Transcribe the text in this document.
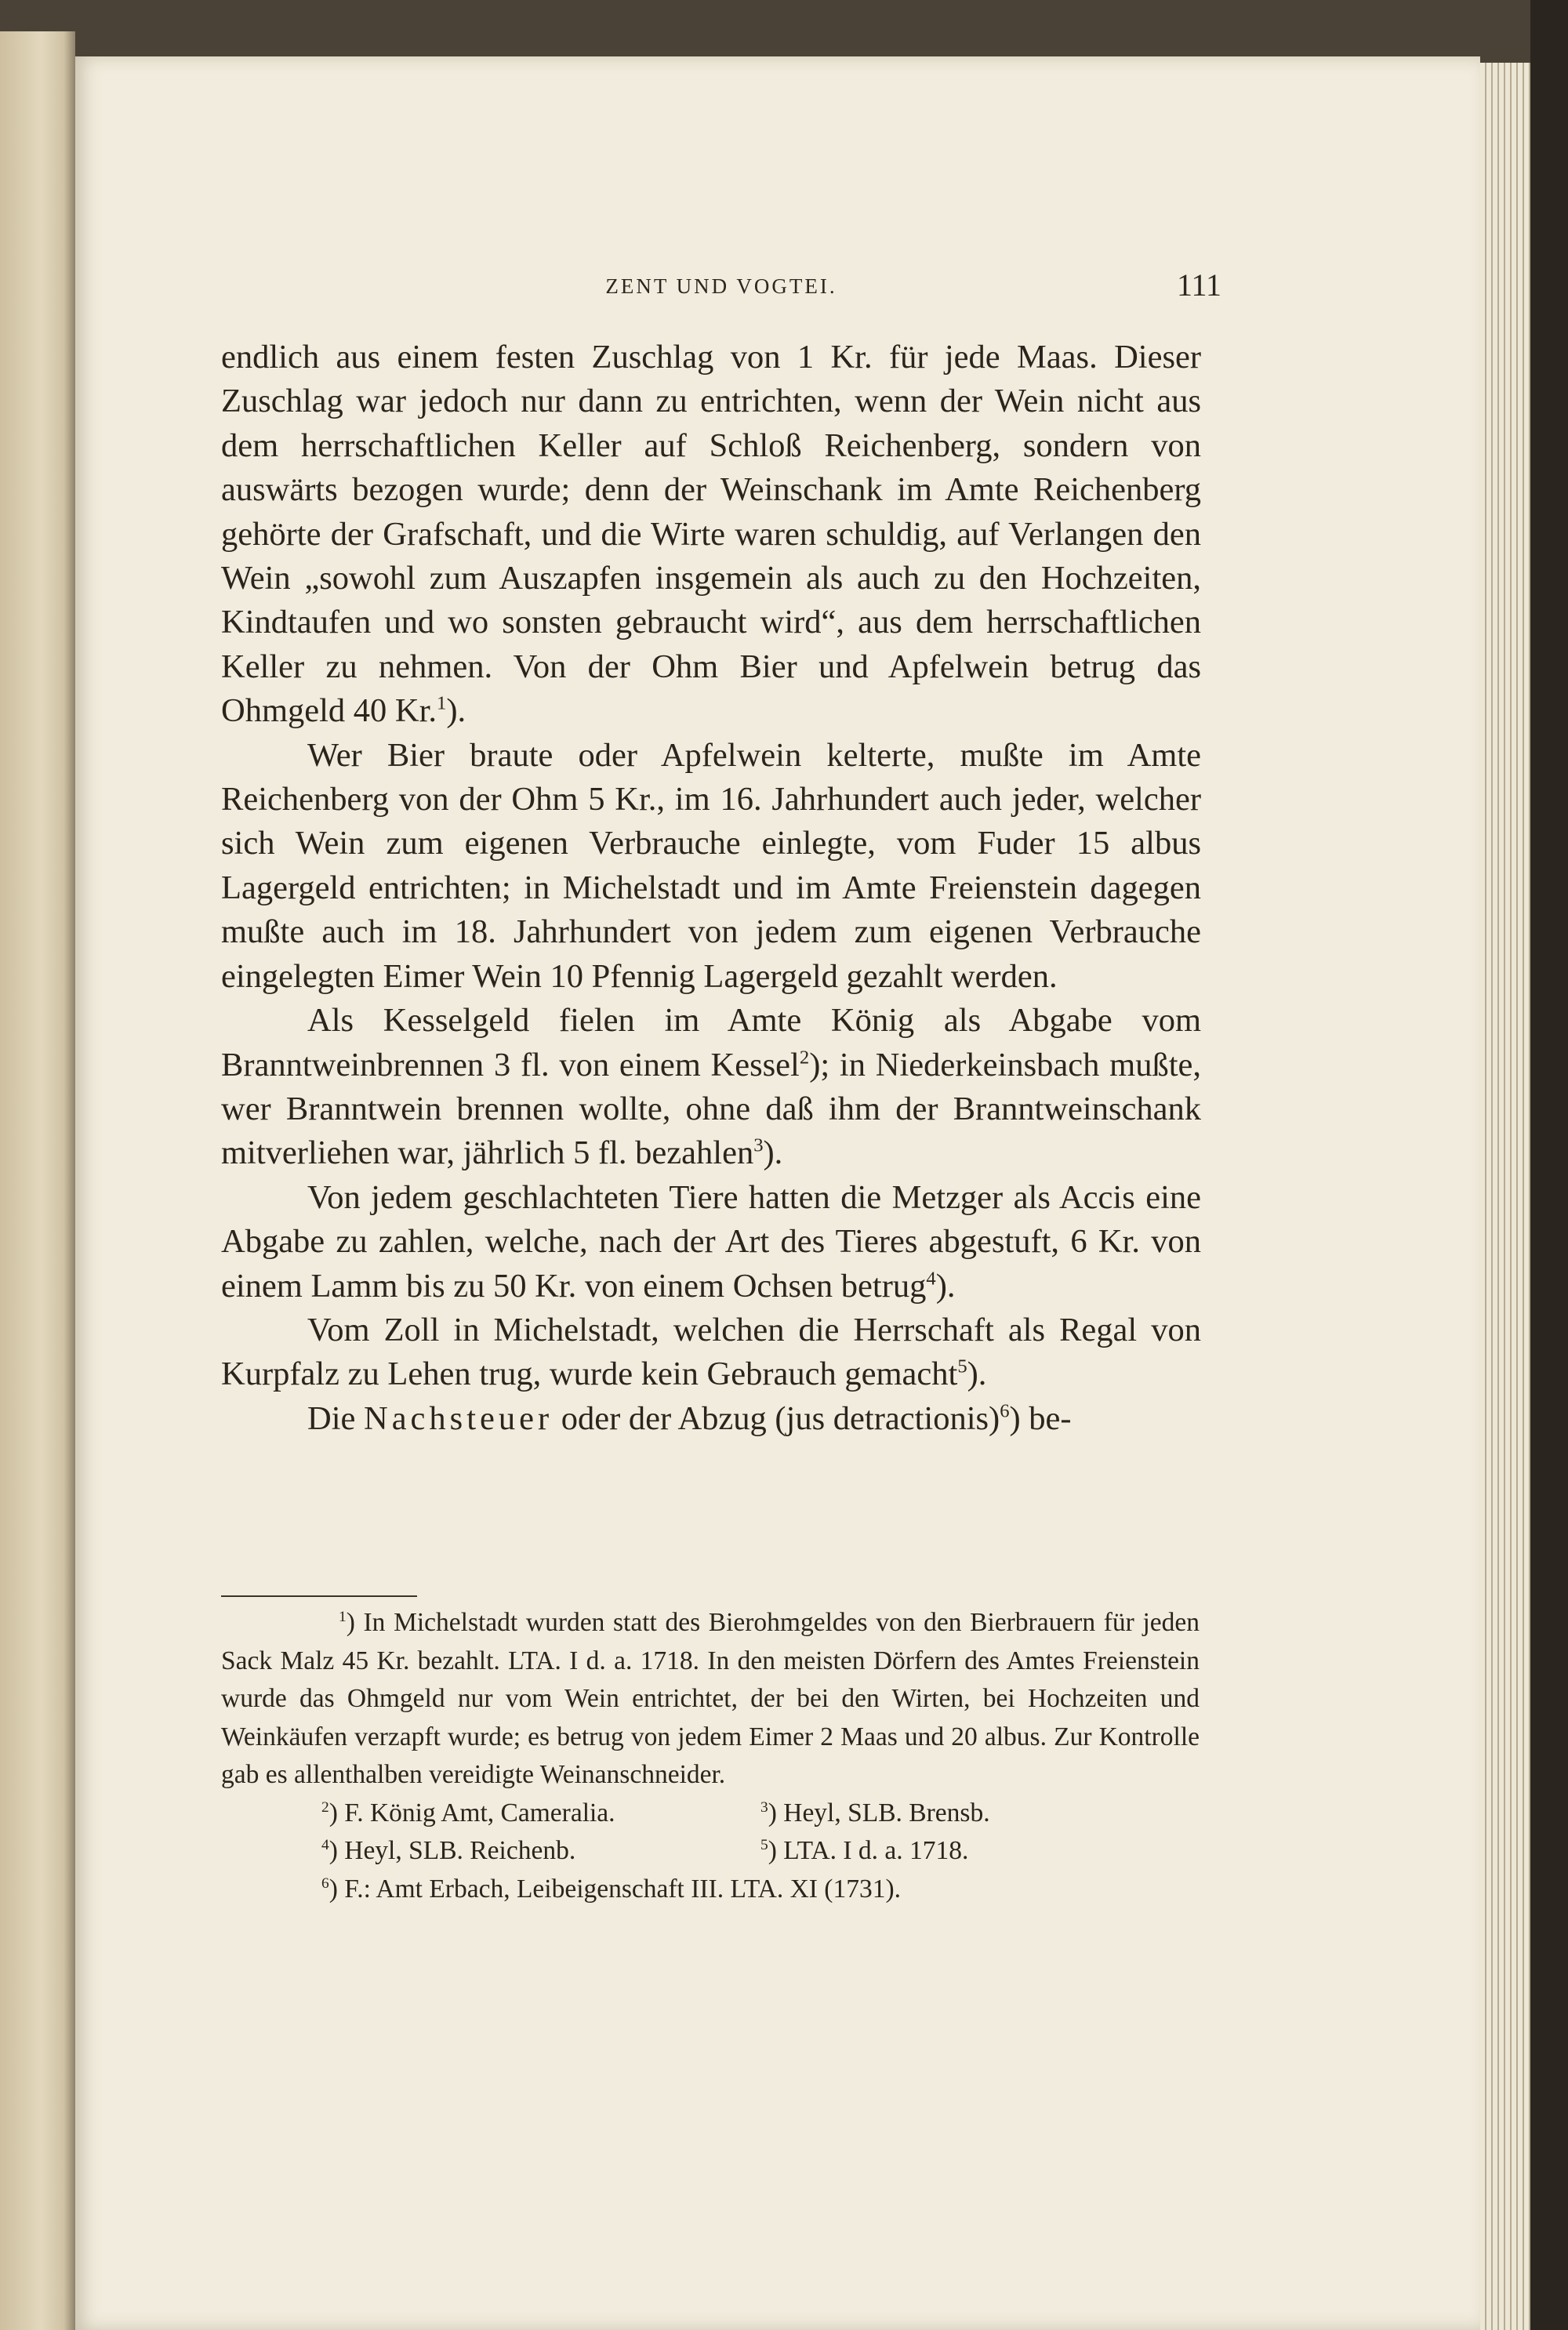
ZENT UND VOGTEI.	111

endlich aus einem festen Zuschlag von 1 Kr. für jede Maas. Dieser Zuschlag war jedoch nur dann zu entrichten, wenn der Wein nicht aus dem herrschaftlichen Keller auf Schloß Reichenberg, sondern von auswärts bezogen wurde; denn der Weinschank im Amte Reichenberg gehörte der Grafschaft, und die Wirte waren schuldig, auf Verlangen den Wein „sowohl zum Auszapfen insgemein als auch zu den Hochzeiten, Kindtaufen und wo sonsten gebraucht wird“, aus dem herrschaftlichen Keller zu nehmen. Von der Ohm Bier und Apfelwein betrug das Ohmgeld 40 Kr.$^1$).

Wer Bier braute oder Apfelwein kelterte, mußte im Amte Reichenberg von der Ohm 5 Kr., im 16. Jahrhundert auch jeder, welcher sich Wein zum eigenen Verbrauche einlegte, vom Fuder 15 albus Lagergeld entrichten; in Michelstadt und im Amte Freienstein dagegen mußte auch im 18. Jahrhundert von jedem zum eigenen Verbrauche eingelegten Eimer Wein 10 Pfennig Lagergeld gezahlt werden.

Als Kesselgeld fielen im Amte König als Abgabe vom Branntweinbrennen 3 fl. von einem Kessel$^2$); in Niederkeinsbach mußte, wer Branntwein brennen wollte, ohne daß ihm der Branntweinschank mitverliehen war, jährlich 5 fl. bezahlen$^3$).

Von jedem geschlachteten Tiere hatten die Metzger als Accis eine Abgabe zu zahlen, welche, nach der Art des Tieres abgestuft, 6 Kr. von einem Lamm bis zu 50 Kr. von einem Ochsen betrug$^4$).

Vom Zoll in Michelstadt, welchen die Herrschaft als Regal von Kurpfalz zu Lehen trug, wurde kein Gebrauch gemacht$^5$).

Die Nachsteuer oder der Abzug (jus detractionis)$^6$) be-

$^1$) In Michelstadt wurden statt des Bierohmgeldes von den Bierbrauern für jeden Sack Malz 45 Kr. bezahlt. LTA. I d. a. 1718. In den meisten Dörfern des Amtes Freienstein wurde das Ohmgeld nur vom Wein entrichtet, der bei den Wirten, bei Hochzeiten und Weinkäufen verzapft wurde; es betrug von jedem Eimer 2 Maas und 20 albus. Zur Kontrolle gab es allenthalben vereidigte Weinanschneider.

$^2$) F. König Amt, Cameralia.	$^3$) Heyl, SLB. Brensb.
$^4$) Heyl, SLB. Reichenb.	$^5$) LTA. I d. a. 1718.
$^6$) F.: Amt Erbach, Leibeigenschaft III. LTA. XI (1731).
